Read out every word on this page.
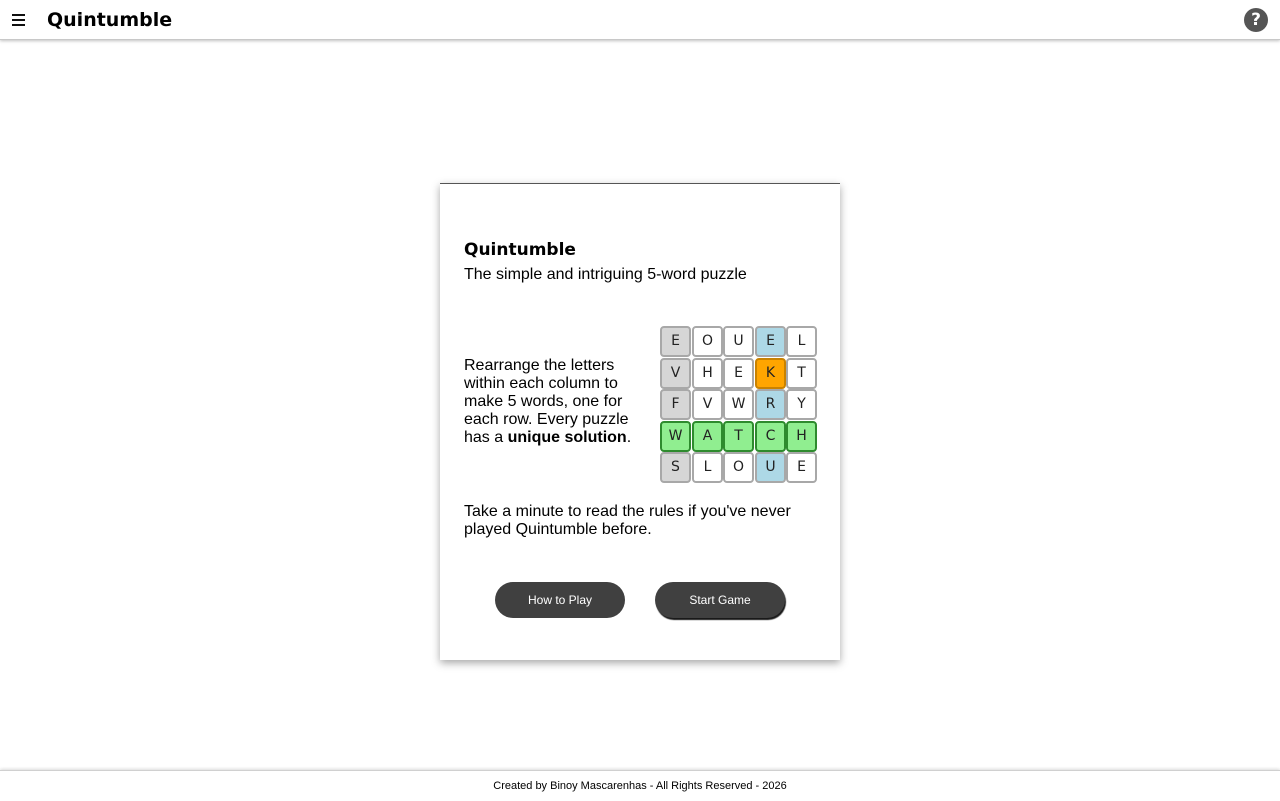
Quintumble	?
Quintumble
The simple and intriguing 5-word puzzle
Rearrange the letters within each column to make 5 words, one for each row. Every puzzle has a unique solution.
E	O	U	E	L
V	H	E	K	T
F	V	W	R	Y
W	A	T	C	H
S	L	O	U	E
Take a minute to read the rules if you've never played Quintumble before.
How to Play	Start Game
Created by Binoy Mascarenhas - All Rights Reserved - 2026
